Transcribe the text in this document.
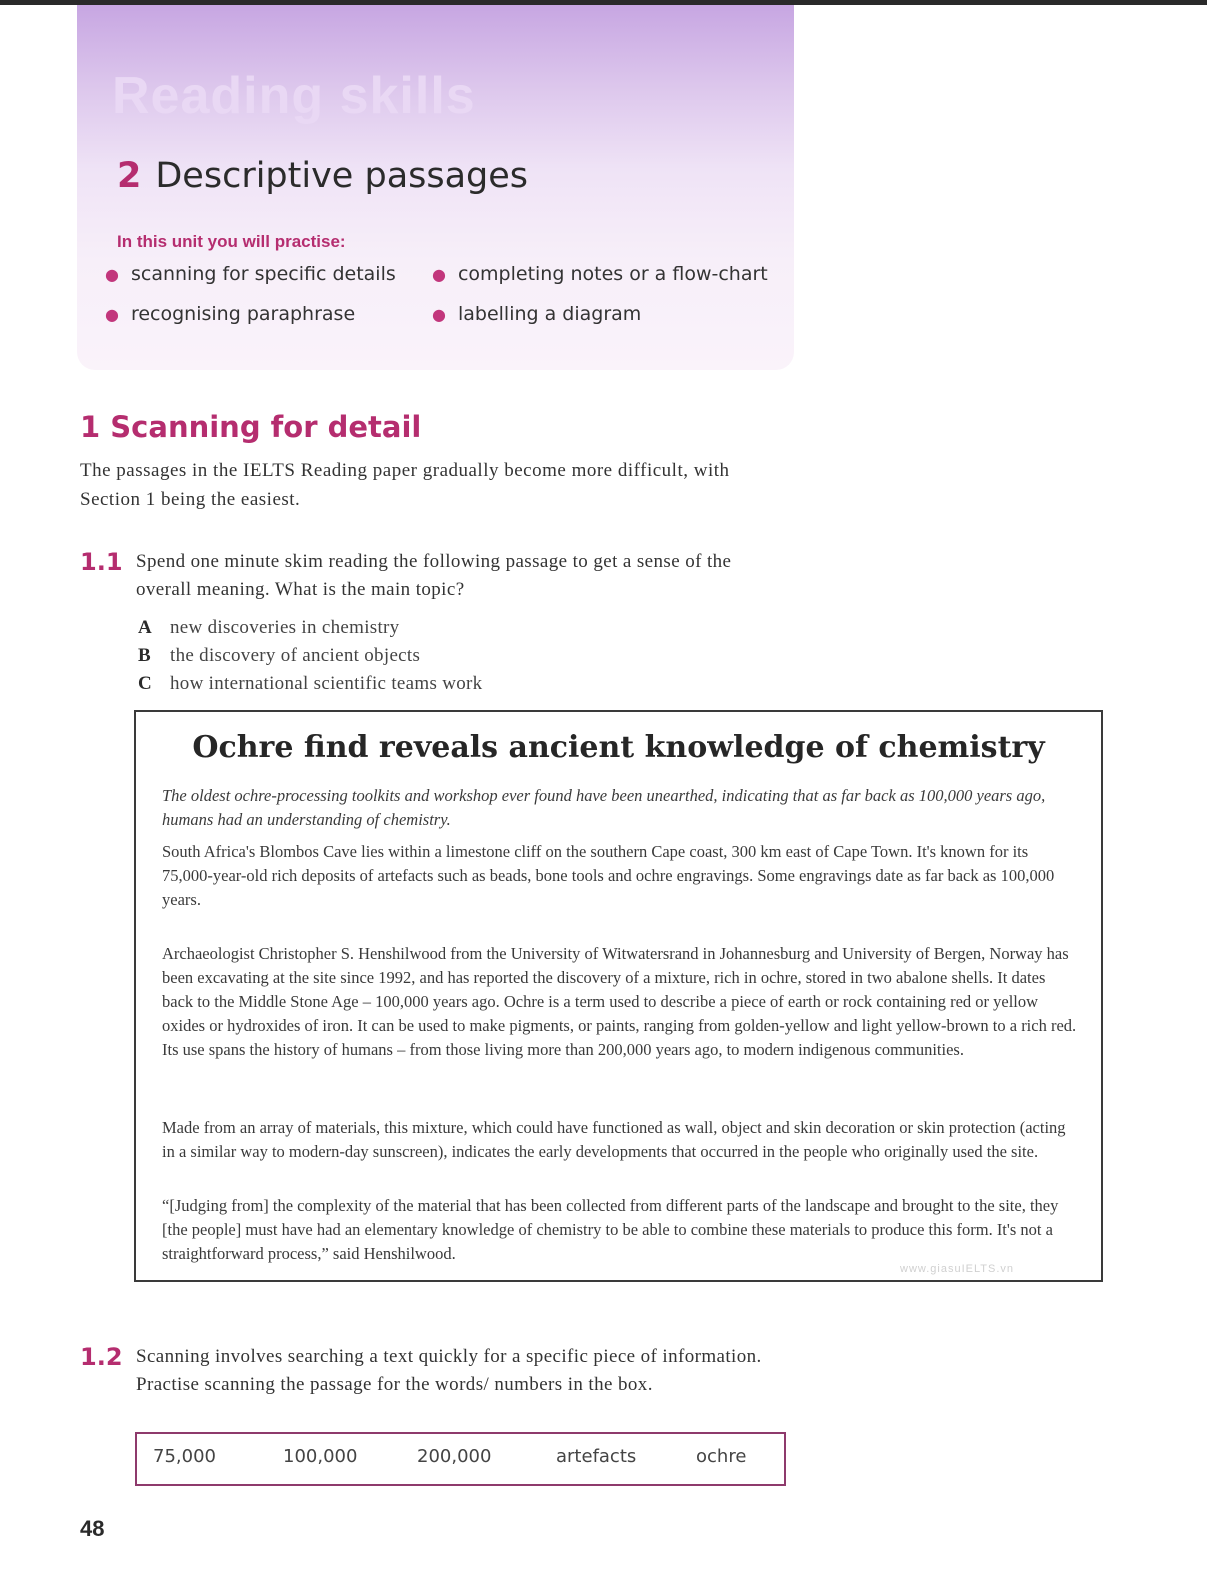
Reading skills
2 Descriptive passages
In this unit you will practise:
● scanning for specific details ● completing notes or a flow-chart
● recognising paraphrase	● labelling a diagram
1 Scanning for detail
The passages in the IELTS Reading paper gradually become more difficult, with Section 1 being the easiest.
1.1 Spend one minute skim reading the following passage to get a sense of the overall meaning. What is the main topic?
A new discoveries in chemistry
B the discovery of ancient objects
C how international scientific teams work
Ochre find reveals ancient knowledge of chemistry
The oldest ochre-processing toolkits and workshop ever found have been unearthed, indicating that as far back as 100,000 years ago, humans had an understanding of chemistry.
South Africa's Blombos Cave lies within a limestone cliff on the southern Cape coast, 300 km east of Cape Town. It's known for its 75,000-year-old rich deposits of artefacts such as beads, bone tools and ochre engravings. Some engravings date as far back as 100,000 years.
Archaeologist Christopher S. Henshilwood from the University of Witwatersrand in Johannesburg and University of Bergen, Norway has been excavating at the site since 1992, and has reported the discovery of a mixture, rich in ochre, stored in two abalone shells. It dates back to the Middle Stone Age – 100,000 years ago. Ochre is a term used to describe a piece of earth or rock containing red or yellow oxides or hydroxides of iron. It can be used to make pigments, or paints, ranging from golden-yellow and light yellow-brown to a rich red. Its use spans the history of humans – from those living more than 200,000 years ago, to modern indigenous communities.
Made from an array of materials, this mixture, which could have functioned as wall, object and skin decoration or skin protection (acting in a similar way to modern-day sunscreen), indicates the early developments that occurred in the people who originally used the site.
“[Judging from] the complexity of the material that has been collected from different parts of the landscape and brought to the site, they [the people] must have had an elementary knowledge of chemistry to be able to combine these materials to produce this form. It's not a straightforward process,” said Henshilwood.
www.giasuIELTS.vn
1.2 Scanning involves searching a text quickly for a specific piece of information. Practise scanning the passage for the words/ numbers in the box.
75,000	100,000	200,000	artefacts	ochre
48
